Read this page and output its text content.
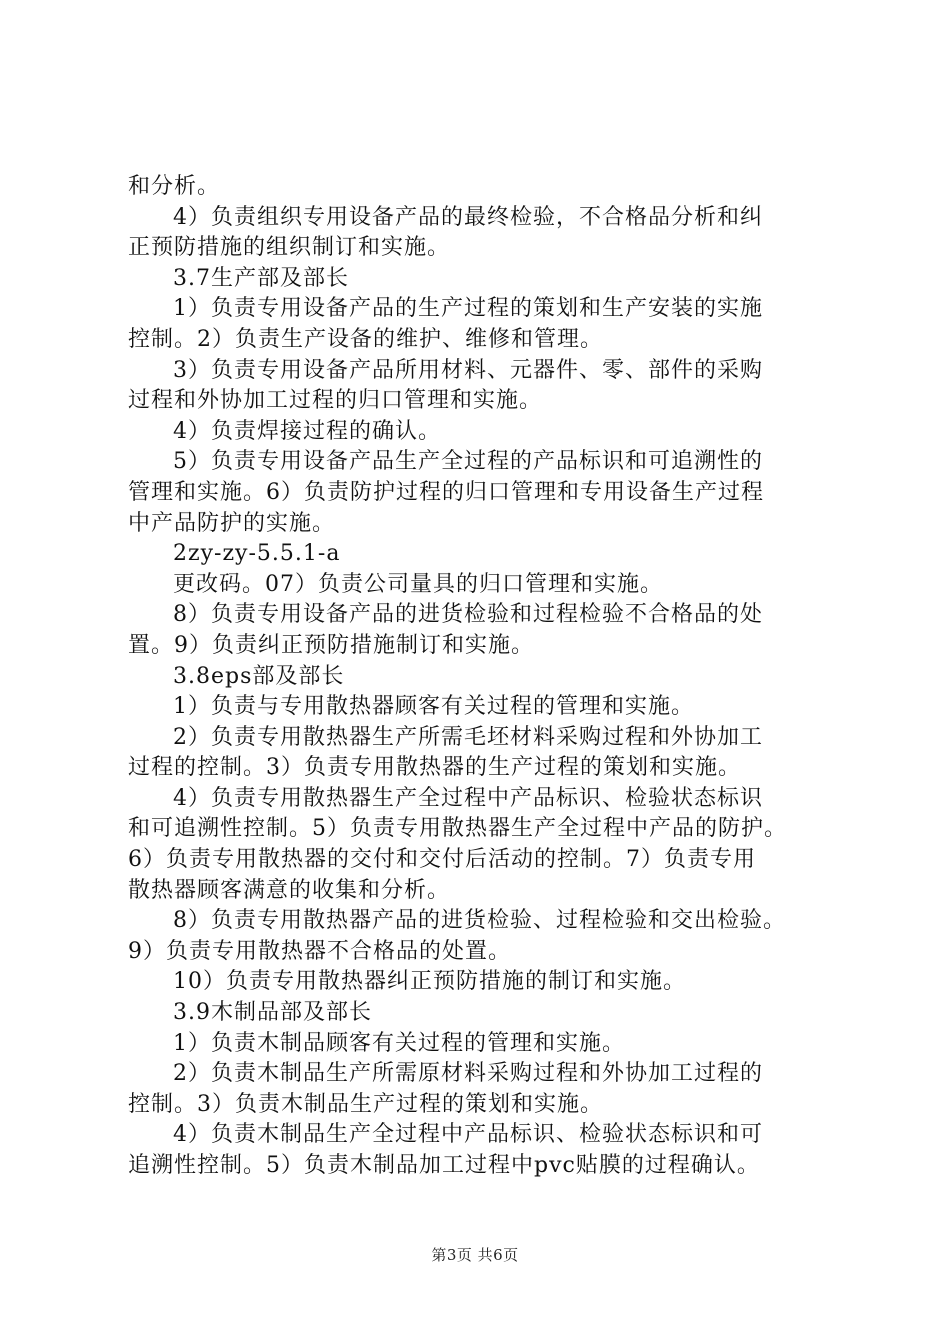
和分析。
4）负责组织专用设备产品的最终检验，不合格品分析和纠
正预防措施的组织制订和实施。
3.7生产部及部长
1）负责专用设备产品的生产过程的策划和生产安装的实施
控制。2）负责生产设备的维护、维修和管理。
3）负责专用设备产品所用材料、元器件、零、部件的采购
过程和外协加工过程的归口管理和实施。
4）负责焊接过程的确认。
5）负责专用设备产品生产全过程的产品标识和可追溯性的
管理和实施。6）负责防护过程的归口管理和专用设备生产过程
中产品防护的实施。
2zy-zy-5.5.1-a
更改码。07）负责公司量具的归口管理和实施。
8）负责专用设备产品的进货检验和过程检验不合格品的处
置。9）负责纠正预防措施制订和实施。
3.8eps部及部长
1）负责与专用散热器顾客有关过程的管理和实施。
2）负责专用散热器生产所需毛坯材料采购过程和外协加工
过程的控制。3）负责专用散热器的生产过程的策划和实施。
4）负责专用散热器生产全过程中产品标识、检验状态标识
和可追溯性控制。5）负责专用散热器生产全过程中产品的防护。
6）负责专用散热器的交付和交付后活动的控制。7）负责专用
散热器顾客满意的收集和分析。
8）负责专用散热器产品的进货检验、过程检验和交出检验。
9）负责专用散热器不合格品的处置。
10）负责专用散热器纠正预防措施的制订和实施。
3.9木制品部及部长
1）负责木制品顾客有关过程的管理和实施。
2）负责木制品生产所需原材料采购过程和外协加工过程的
控制。3）负责木制品生产过程的策划和实施。
4）负责木制品生产全过程中产品标识、检验状态标识和可
追溯性控制。5）负责木制品加工过程中pvc贴膜的过程确认。
第3页 共6页
